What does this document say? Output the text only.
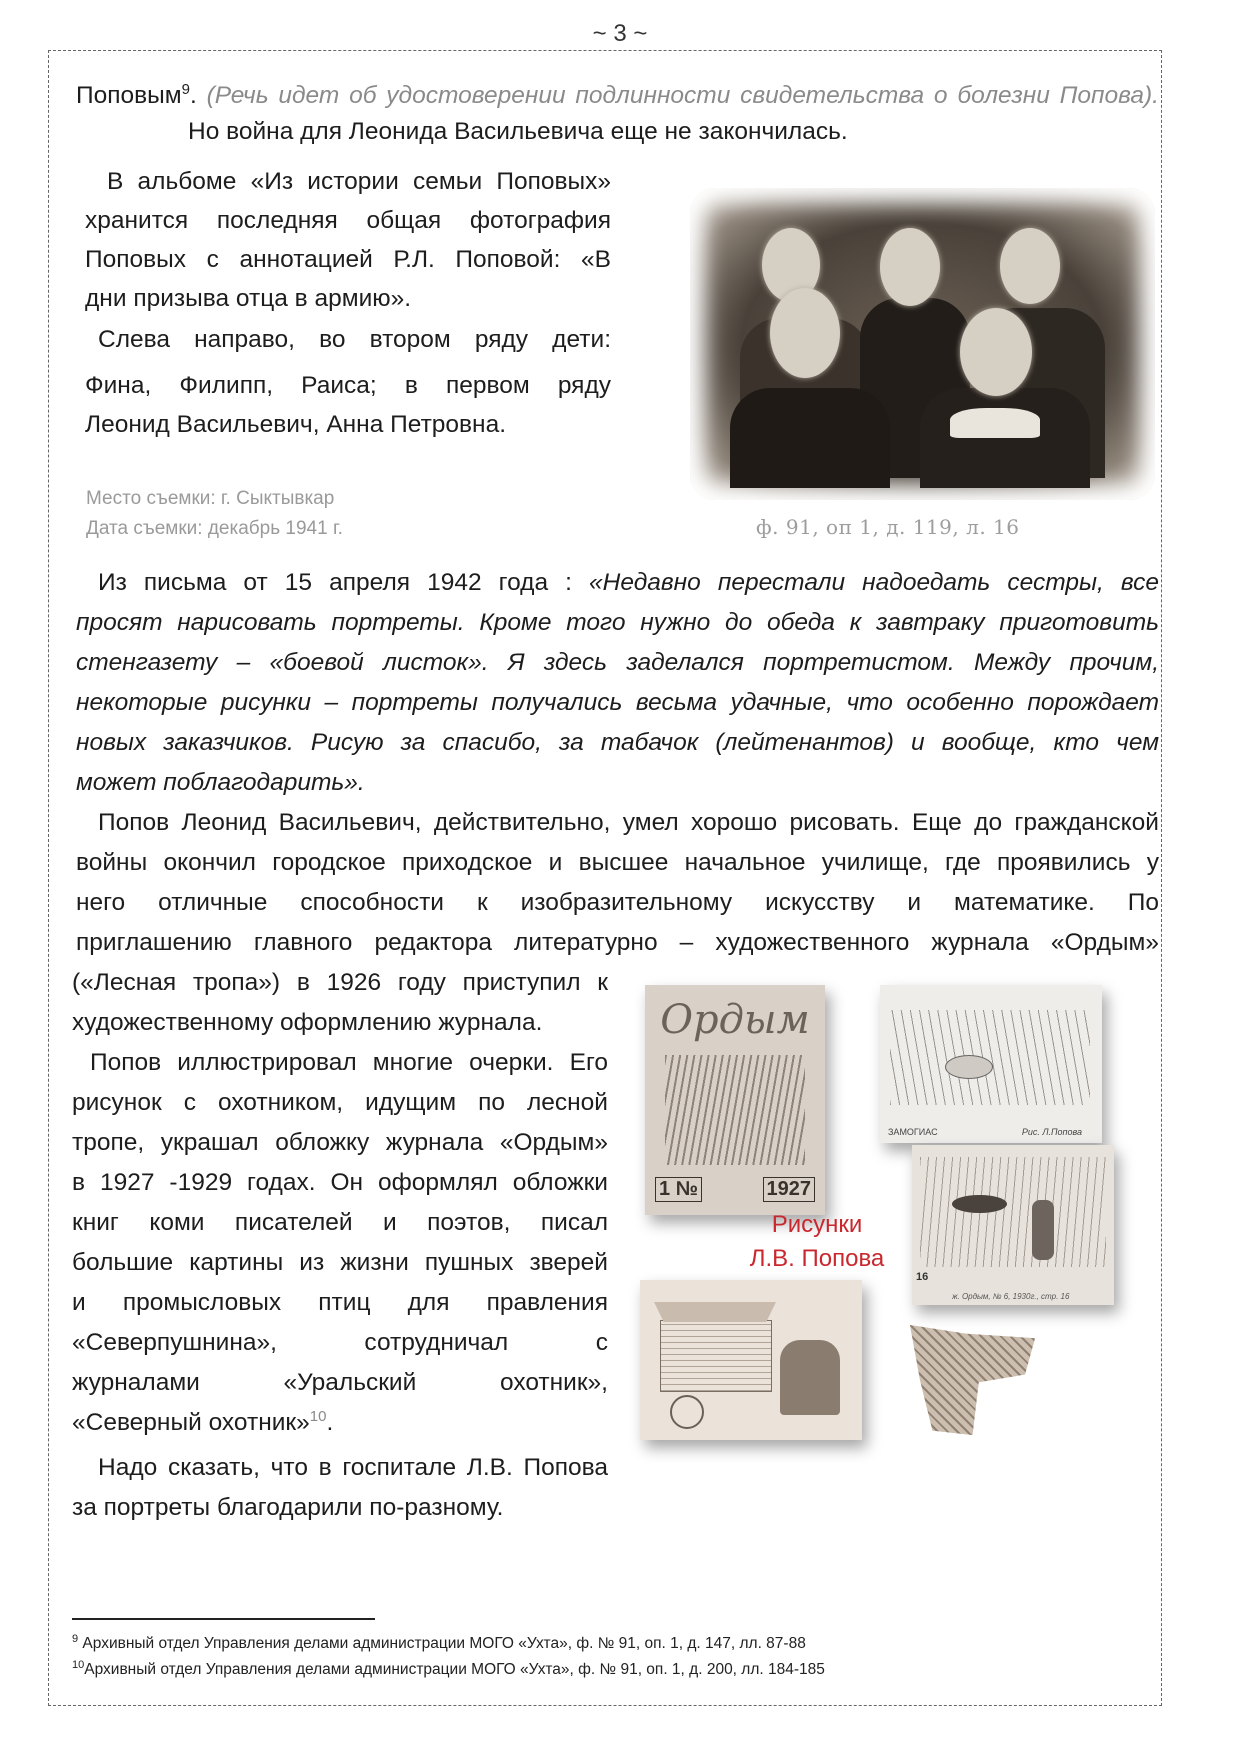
~ 3 ~
Поповым$^9$. (Речь идет об удостоверении подлинности свидетельства о болезни Попова).
Но война для Леонида Васильевича еще не закончилась.
В альбоме «Из истории семьи Поповых»
хранится последняя общая фотография
Поповых с аннотацией Р.Л. Поповой: «В
дни призыва отца в армию».
Слева направо, во втором ряду дети:
Фина, Филипп, Раиса; в первом ряду
Леонид Васильевич, Анна Петровна.
Место съемки: г. Сыктывкар
Дата съемки: декабрь 1941 г.	ф. 91, оп 1, д. 119, л. 16
Из письма от 15 апреля 1942 года : «Недавно перестали надоедать сестры, все
просят нарисовать портреты. Кроме того нужно до обеда к завтраку приготовить
стенгазету – «боевой листок». Я здесь заделался портретистом. Между прочим,
некоторые рисунки – портреты получались весьма удачные, что особенно порождает
новых заказчиков. Рисую за спасибо, за табачок (лейтенантов) и вообще, кто чем
может поблагодарить».
Попов Леонид Васильевич, действительно, умел хорошо рисовать. Еще до гражданской
войны окончил городское приходское и высшее начальное училище, где проявились у
него отличные способности к изобразительному искусству и математике. По
приглашению главного редактора литературно – художественного журнала «Ордым»
(«Лесная тропа») в 1926 году приступил к
художественному оформлению журнала.
Попов иллюстрировал многие очерки. Его
рисунок с охотником, идущим по лесной
тропе, украшал обложку журнала «Ордым»
в 1927 -1929 годах. Он оформлял обложки
книг коми писателей и поэтов, писал
большие картины из жизни пушных зверей
и промысловых птиц для правления
«Северпушнина», сотрудничал с
журналами «Уральский охотник»,
«Северный охотник»$^{10}$.
Надо сказать, что в госпитале Л.В. Попова
за портреты благодарили по-разному.
Ордым
1 №	1927
ЗАМОГИАС	Рис. Л.Попова
16
ж. Ордым, № 6, 1930г., стр. 16
Рисунки
Л.В. Попова
$^9$ Архивный отдел Управления делами администрации МОГО «Ухта», ф. № 91, оп. 1, д. 147, лл. 87-88
$^{10}$Архивный отдел Управления делами администрации МОГО «Ухта», ф. № 91, оп. 1, д. 200, лл. 184-185
